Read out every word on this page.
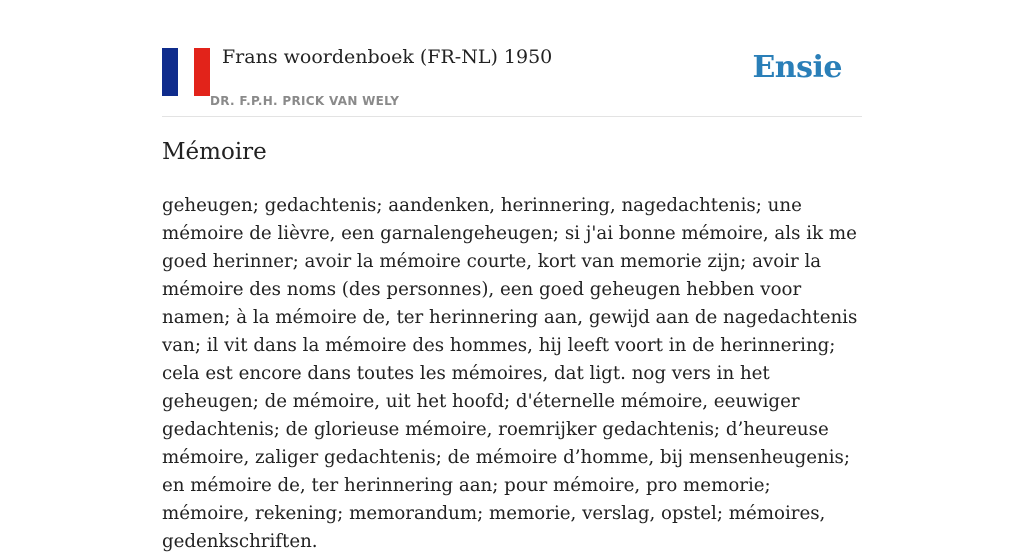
Frans woordenboek (FR-NL) 1950
DR. F.P.H. PRICK VAN WELY
Ensie
Mémoire

geheugen; gedachtenis; aandenken, herinnering, nagedachtenis; une mémoire de lièvre, een garnalengeheugen; si j'ai bonne mémoire, als ik me goed herinner; avoir la mémoire courte, kort van memorie zijn; avoir la mémoire des noms (des personnes), een goed geheugen hebben voor namen; à la mémoire de, ter herinnering aan, gewijd aan de nagedachtenis van; il vit dans la mémoire des hommes, hij leeft voort in de herinnering; cela est encore dans toutes les mémoires, dat ligt. nog vers in het geheugen; de mémoire, uit het hoofd; d'éternelle mémoire, eeuwiger gedachtenis; de glorieuse mémoire, roemrijker gedachtenis; d’heureuse mémoire, zaliger gedachtenis; de mémoire d’homme, bij mensenheugenis; en mémoire de, ter herinnering aan; pour mémoire, pro memorie; mémoire, rekening; memorandum; memorie, verslag, opstel; mémoires, gedenkschriften.
